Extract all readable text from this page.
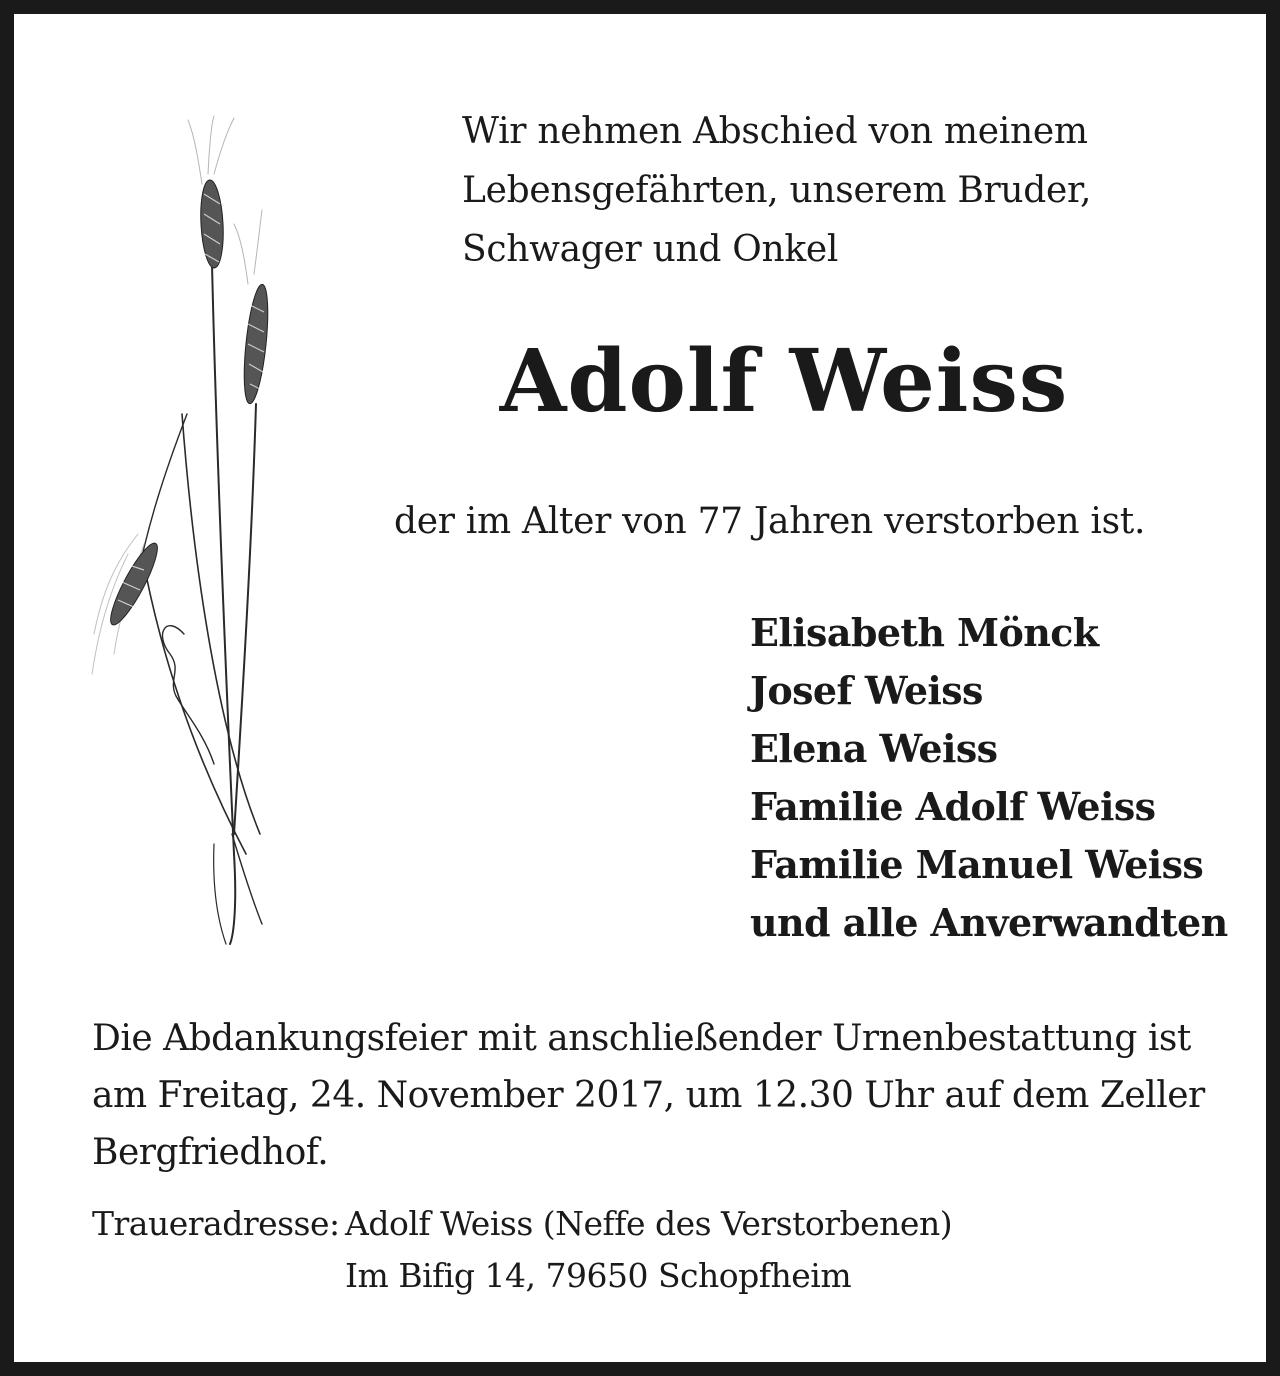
Wir nehmen Abschied von meinem
Lebensgefährten, unserem Bruder,
Schwager und Onkel
Adolf Weiss
der im Alter von 77 Jahren verstorben ist.
Elisabeth Mönck
Josef Weiss
Elena Weiss
Familie Adolf Weiss
Familie Manuel Weiss
und alle Anverwandten
Die Abdankungsfeier mit anschließender Urnenbestattung ist
am Freitag, 24. November 2017, um 12.30 Uhr auf dem Zeller
Bergfriedhof.
Traueradresse: Adolf Weiss (Neffe des Verstorbenen)
Im Bifig 14, 79650 Schopfheim
